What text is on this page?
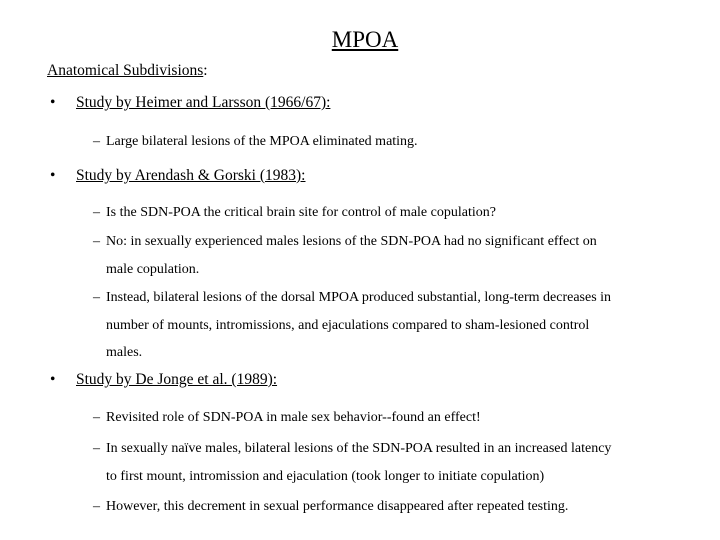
MPOA
Anatomical Subdivisions:
• Study by Heimer and Larsson (1966/67):
– Large bilateral lesions of the MPOA eliminated mating.
• Study by Arendash & Gorski (1983):
– Is the SDN-POA the critical brain site for control of male copulation?
– No: in sexually experienced males lesions of the SDN-POA had no significant effect on
male copulation.
– Instead, bilateral lesions of the dorsal MPOA produced substantial, long-term decreases in
number of mounts, intromissions, and ejaculations compared to sham-lesioned control
males.
• Study by De Jonge et al. (1989):
– Revisited role of SDN-POA in male sex behavior--found an effect!
– In sexually naïve males, bilateral lesions of the SDN-POA resulted in an increased latency
to first mount, intromission and ejaculation (took longer to initiate copulation)
– However, this decrement in sexual performance disappeared after repeated testing.
